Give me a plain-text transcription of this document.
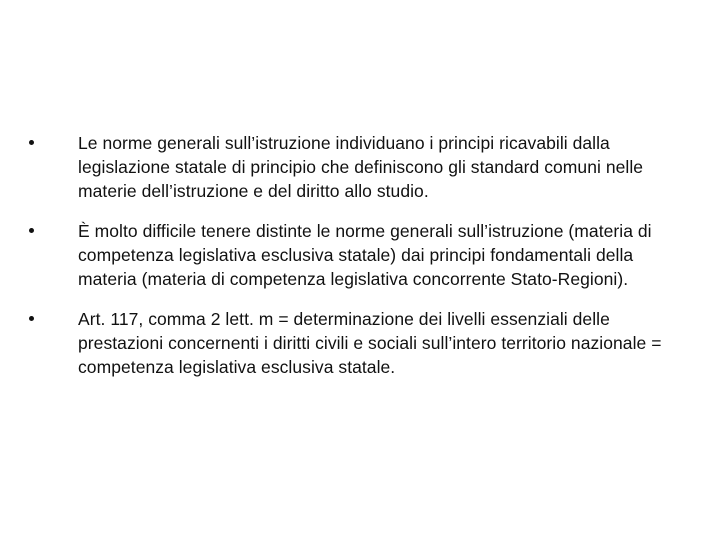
Le norme generali sull’istruzione individuano i principi ricavabili dalla legislazione statale di principio che definiscono gli standard comuni nelle materie dell’istruzione e del diritto allo studio.
È molto difficile tenere distinte le norme generali sull’istruzione (materia di competenza legislativa esclusiva statale) dai principi fondamentali della materia (materia di competenza legislativa concorrente Stato-Regioni).
Art. 117, comma 2 lett. m = determinazione dei livelli essenziali delle prestazioni concernenti i diritti civili e sociali sull’intero territorio nazionale = competenza legislativa esclusiva statale.
